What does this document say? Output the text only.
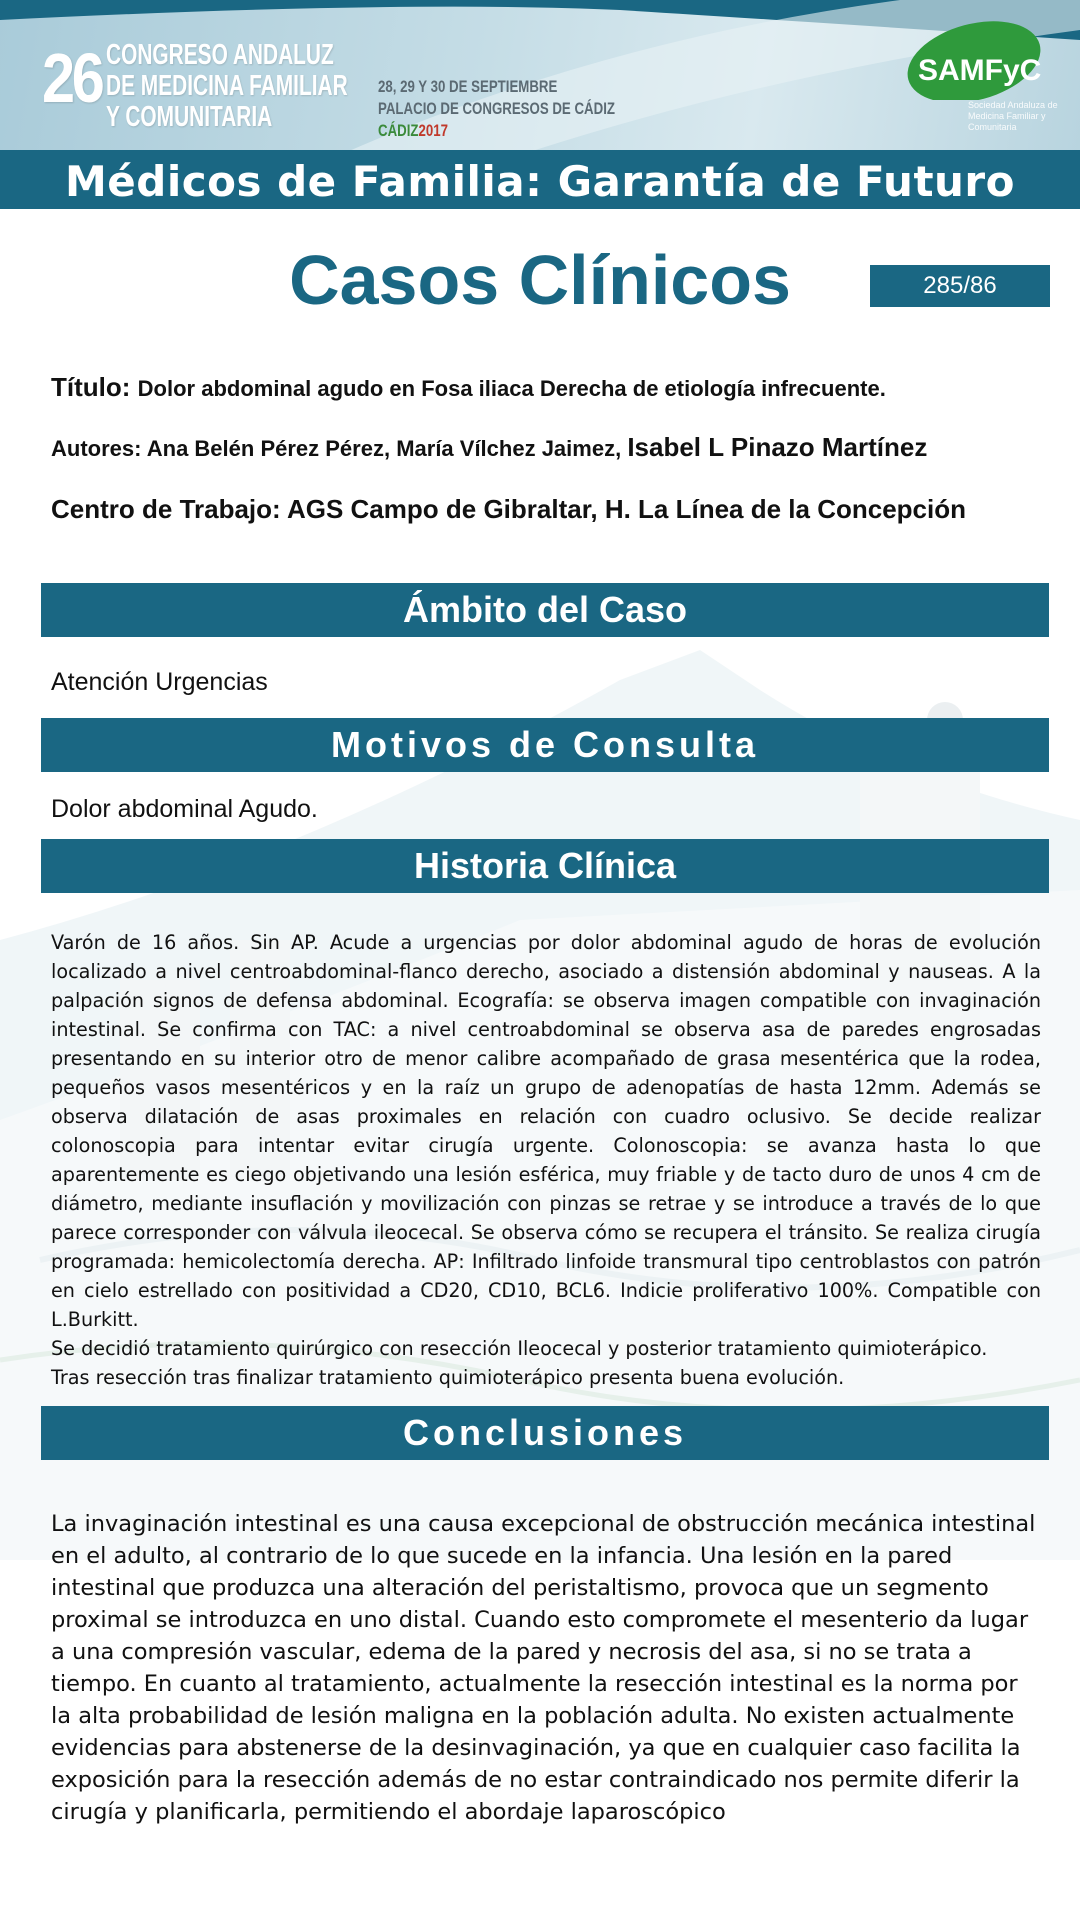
26 CONGRESO ANDALUZ
DE MEDICINA FAMILIAR
Y COMUNITARIA
28, 29 Y 30 DE SEPTIEMBRE
PALACIO DE CONGRESOS DE CÁDIZ
CÁDIZ2017
SAMFyC
Sociedad Andaluza de Medicina Familiar y Comunitaria
Médicos de Familia: Garantía de Futuro
Casos Clínicos	285/86
Título: Dolor abdominal agudo en Fosa iliaca Derecha de etiología infrecuente.
Autores: Ana Belén Pérez Pérez, María Vílchez Jaimez, Isabel L Pinazo Martínez
Centro de Trabajo: AGS Campo de Gibraltar, H. La Línea de la Concepción
Ámbito del Caso
Atención Urgencias
Motivos de Consulta
Dolor abdominal Agudo.
Historia Clínica

Varón de 16 años. Sin AP. Acude a urgencias por dolor abdominal agudo de horas de evolución localizado a nivel centroabdominal-flanco derecho, asociado a distensión abdominal y nauseas. A la palpación signos de defensa abdominal. Ecografía: se observa imagen compatible con invaginación intestinal. Se confirma con TAC: a nivel centroabdominal se observa asa de paredes engrosadas presentando en su interior otro de menor calibre acompañado de grasa mesentérica que la rodea, pequeños vasos mesentéricos y en la raíz un grupo de adenopatías de hasta 12mm. Además se observa dilatación de asas proximales en relación con cuadro oclusivo. Se decide realizar colonoscopia para intentar evitar cirugía urgente. Colonoscopia: se avanza hasta lo que aparentemente es ciego objetivando una lesión esférica, muy friable y de tacto duro de unos 4 cm de diámetro, mediante insuflación y movilización con pinzas se retrae y se introduce a través de lo que parece corresponder con válvula ileocecal. Se observa cómo se recupera el tránsito. Se realiza cirugía programada: hemicolectomía derecha. AP: Infiltrado linfoide transmural tipo centroblastos con patrón en cielo estrellado con positividad a CD20, CD10, BCL6. Indicie proliferativo 100%. Compatible con L.Burkitt.

Se decidió tratamiento quirúrgico con resección Ileocecal y posterior tratamiento quimioterápico.

Tras resección tras finalizar tratamiento quimioterápico presenta buena evolución.

Conclusiones
La invaginación intestinal es una causa excepcional de obstrucción mecánica intestinal en el adulto, al contrario de lo que sucede en la infancia. Una lesión en la pared intestinal que produzca una alteración del peristaltismo, provoca que un segmento proximal se introduzca en uno distal. Cuando esto compromete el mesenterio da lugar a una compresión vascular, edema de la pared y necrosis del asa, si no se trata a tiempo. En cuanto al tratamiento, actualmente la resección intestinal es la norma por la alta probabilidad de lesión maligna en la población adulta. No existen actualmente evidencias para abstenerse de la desinvaginación, ya que en cualquier caso facilita la exposición para la resección además de no estar contraindicado nos permite diferir la cirugía y planificarla, permitiendo el abordaje laparoscópico
